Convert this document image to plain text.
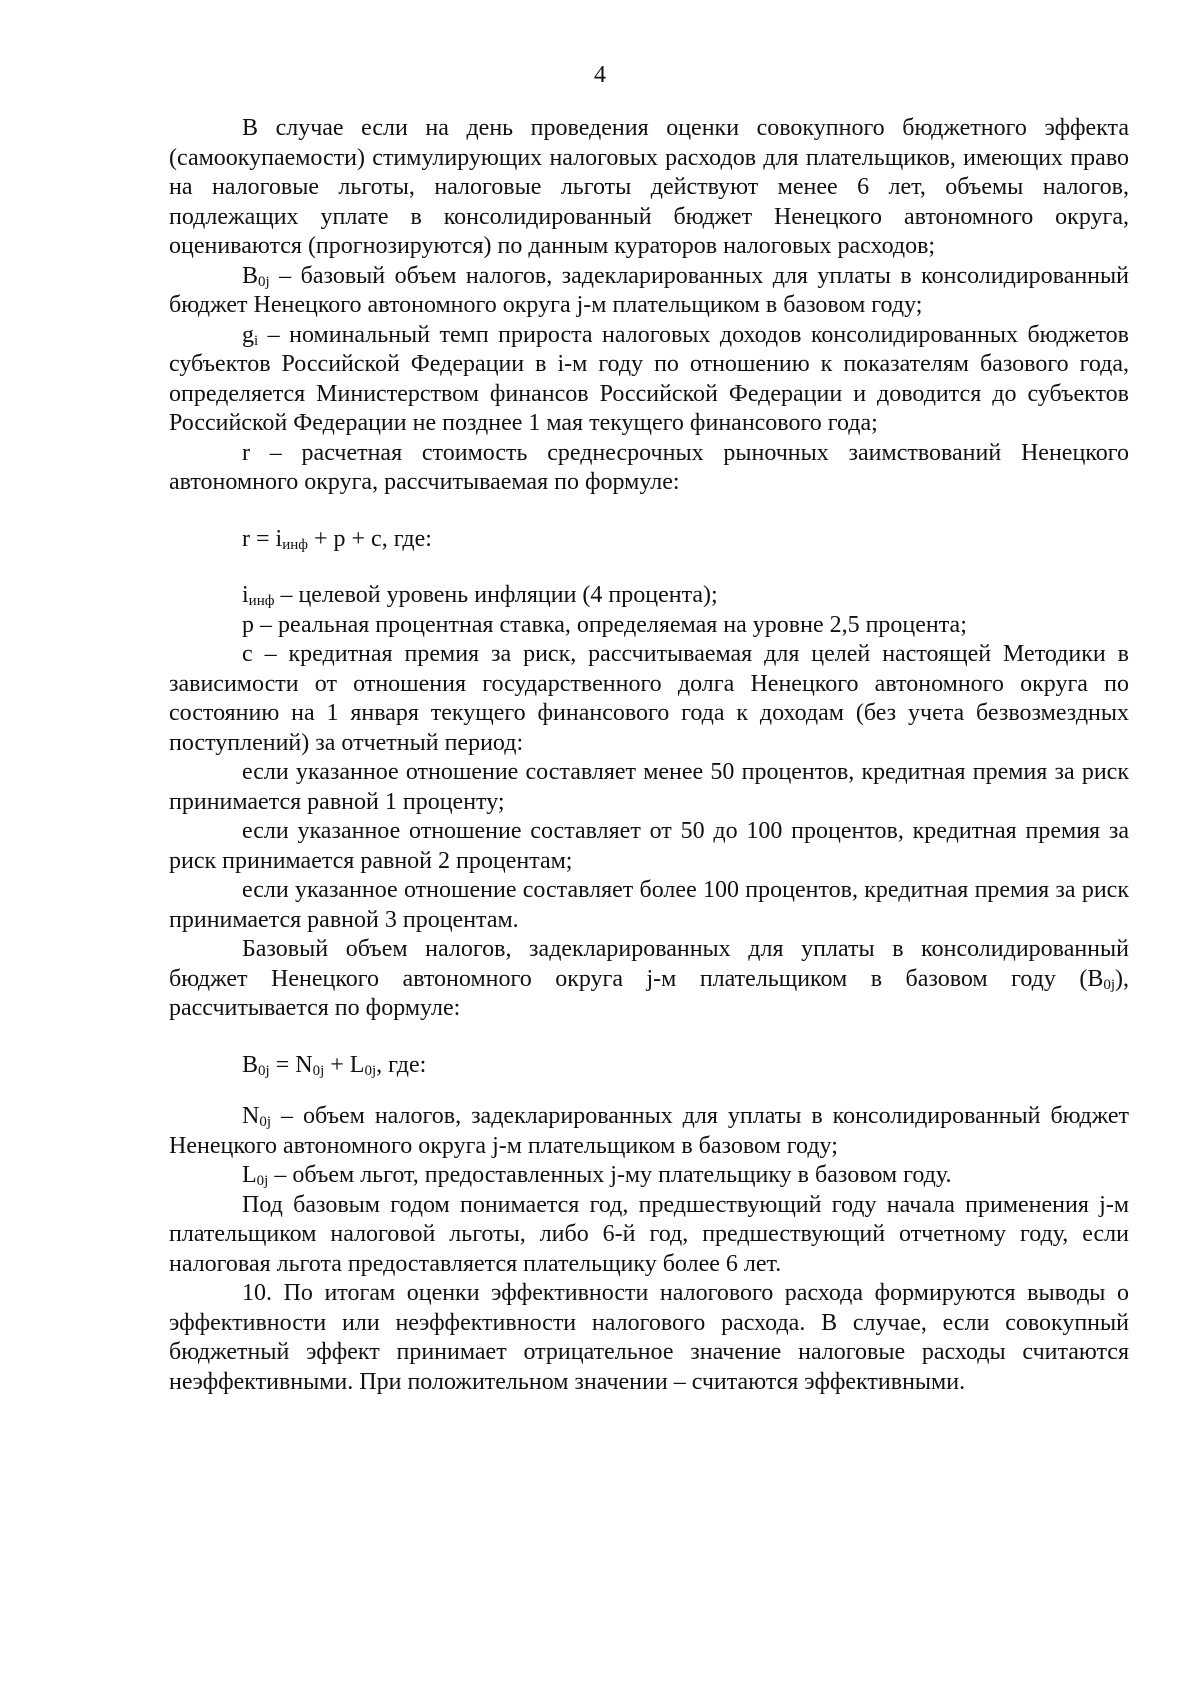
4

В случае если на день проведения оценки совокупного бюджетного эффекта (самоокупаемости) стимулирующих налоговых расходов для плательщиков, имеющих право на налоговые льготы, налоговые льготы действуют менее 6 лет, объемы налогов, подлежащих уплате в консолидированный бюджет Ненецкого автономного округа, оцениваются (прогнозируются) по данным кураторов налоговых расходов;

$B_{0j}$ – базовый объем налогов, задекларированных для уплаты в консолидированный бюджет Ненецкого автономного округа j-м плательщиком в базовом году;

$g_i$ – номинальный темп прироста налоговых доходов консолидированных бюджетов субъектов Российской Федерации в i-м году по отношению к показателям базового года, определяется Министерством финансов Российской Федерации и доводится до субъектов Российской Федерации не позднее 1 мая текущего финансового года;

r – расчетная стоимость среднесрочных рыночных заимствований Ненецкого автономного округа, рассчитываемая по формуле:

$r = i_{инф} + p + c$, где:

$i_{инф}$ – целевой уровень инфляции (4 процента);

p – реальная процентная ставка, определяемая на уровне 2,5 процента;

c – кредитная премия за риск, рассчитываемая для целей настоящей Методики в зависимости от отношения государственного долга Ненецкого автономного округа по состоянию на 1 января текущего финансового года к доходам (без учета безвозмездных поступлений) за отчетный период:

если указанное отношение составляет менее 50 процентов, кредитная премия за риск принимается равной 1 проценту;

если указанное отношение составляет от 50 до 100 процентов, кредитная премия за риск принимается равной 2 процентам;

если указанное отношение составляет более 100 процентов, кредитная премия за риск принимается равной 3 процентам.

Базовый объем налогов, задекларированных для уплаты в консолидированный бюджет Ненецкого автономного округа j-м плательщиком в базовом году $(B_{0j})$, рассчитывается по формуле:

$B_{0j} = N_{0j} + L_{0j}$, где:

$N_{0j}$ – объем налогов, задекларированных для уплаты в консолидированный бюджет Ненецкого автономного округа j-м плательщиком в базовом году;

$L_{0j}$ – объем льгот, предоставленных j-му плательщику в базовом году.

Под базовым годом понимается год, предшествующий году начала применения j-м плательщиком налоговой льготы, либо 6-й год, предшествующий отчетному году, если налоговая льгота предоставляется плательщику более 6 лет.

10. По итогам оценки эффективности налогового расхода формируются выводы о эффективности или неэффективности налогового расхода. В случае, если совокупный бюджетный эффект принимает отрицательное значение налоговые расходы считаются неэффективными. При положительном значении – считаются эффективными.
